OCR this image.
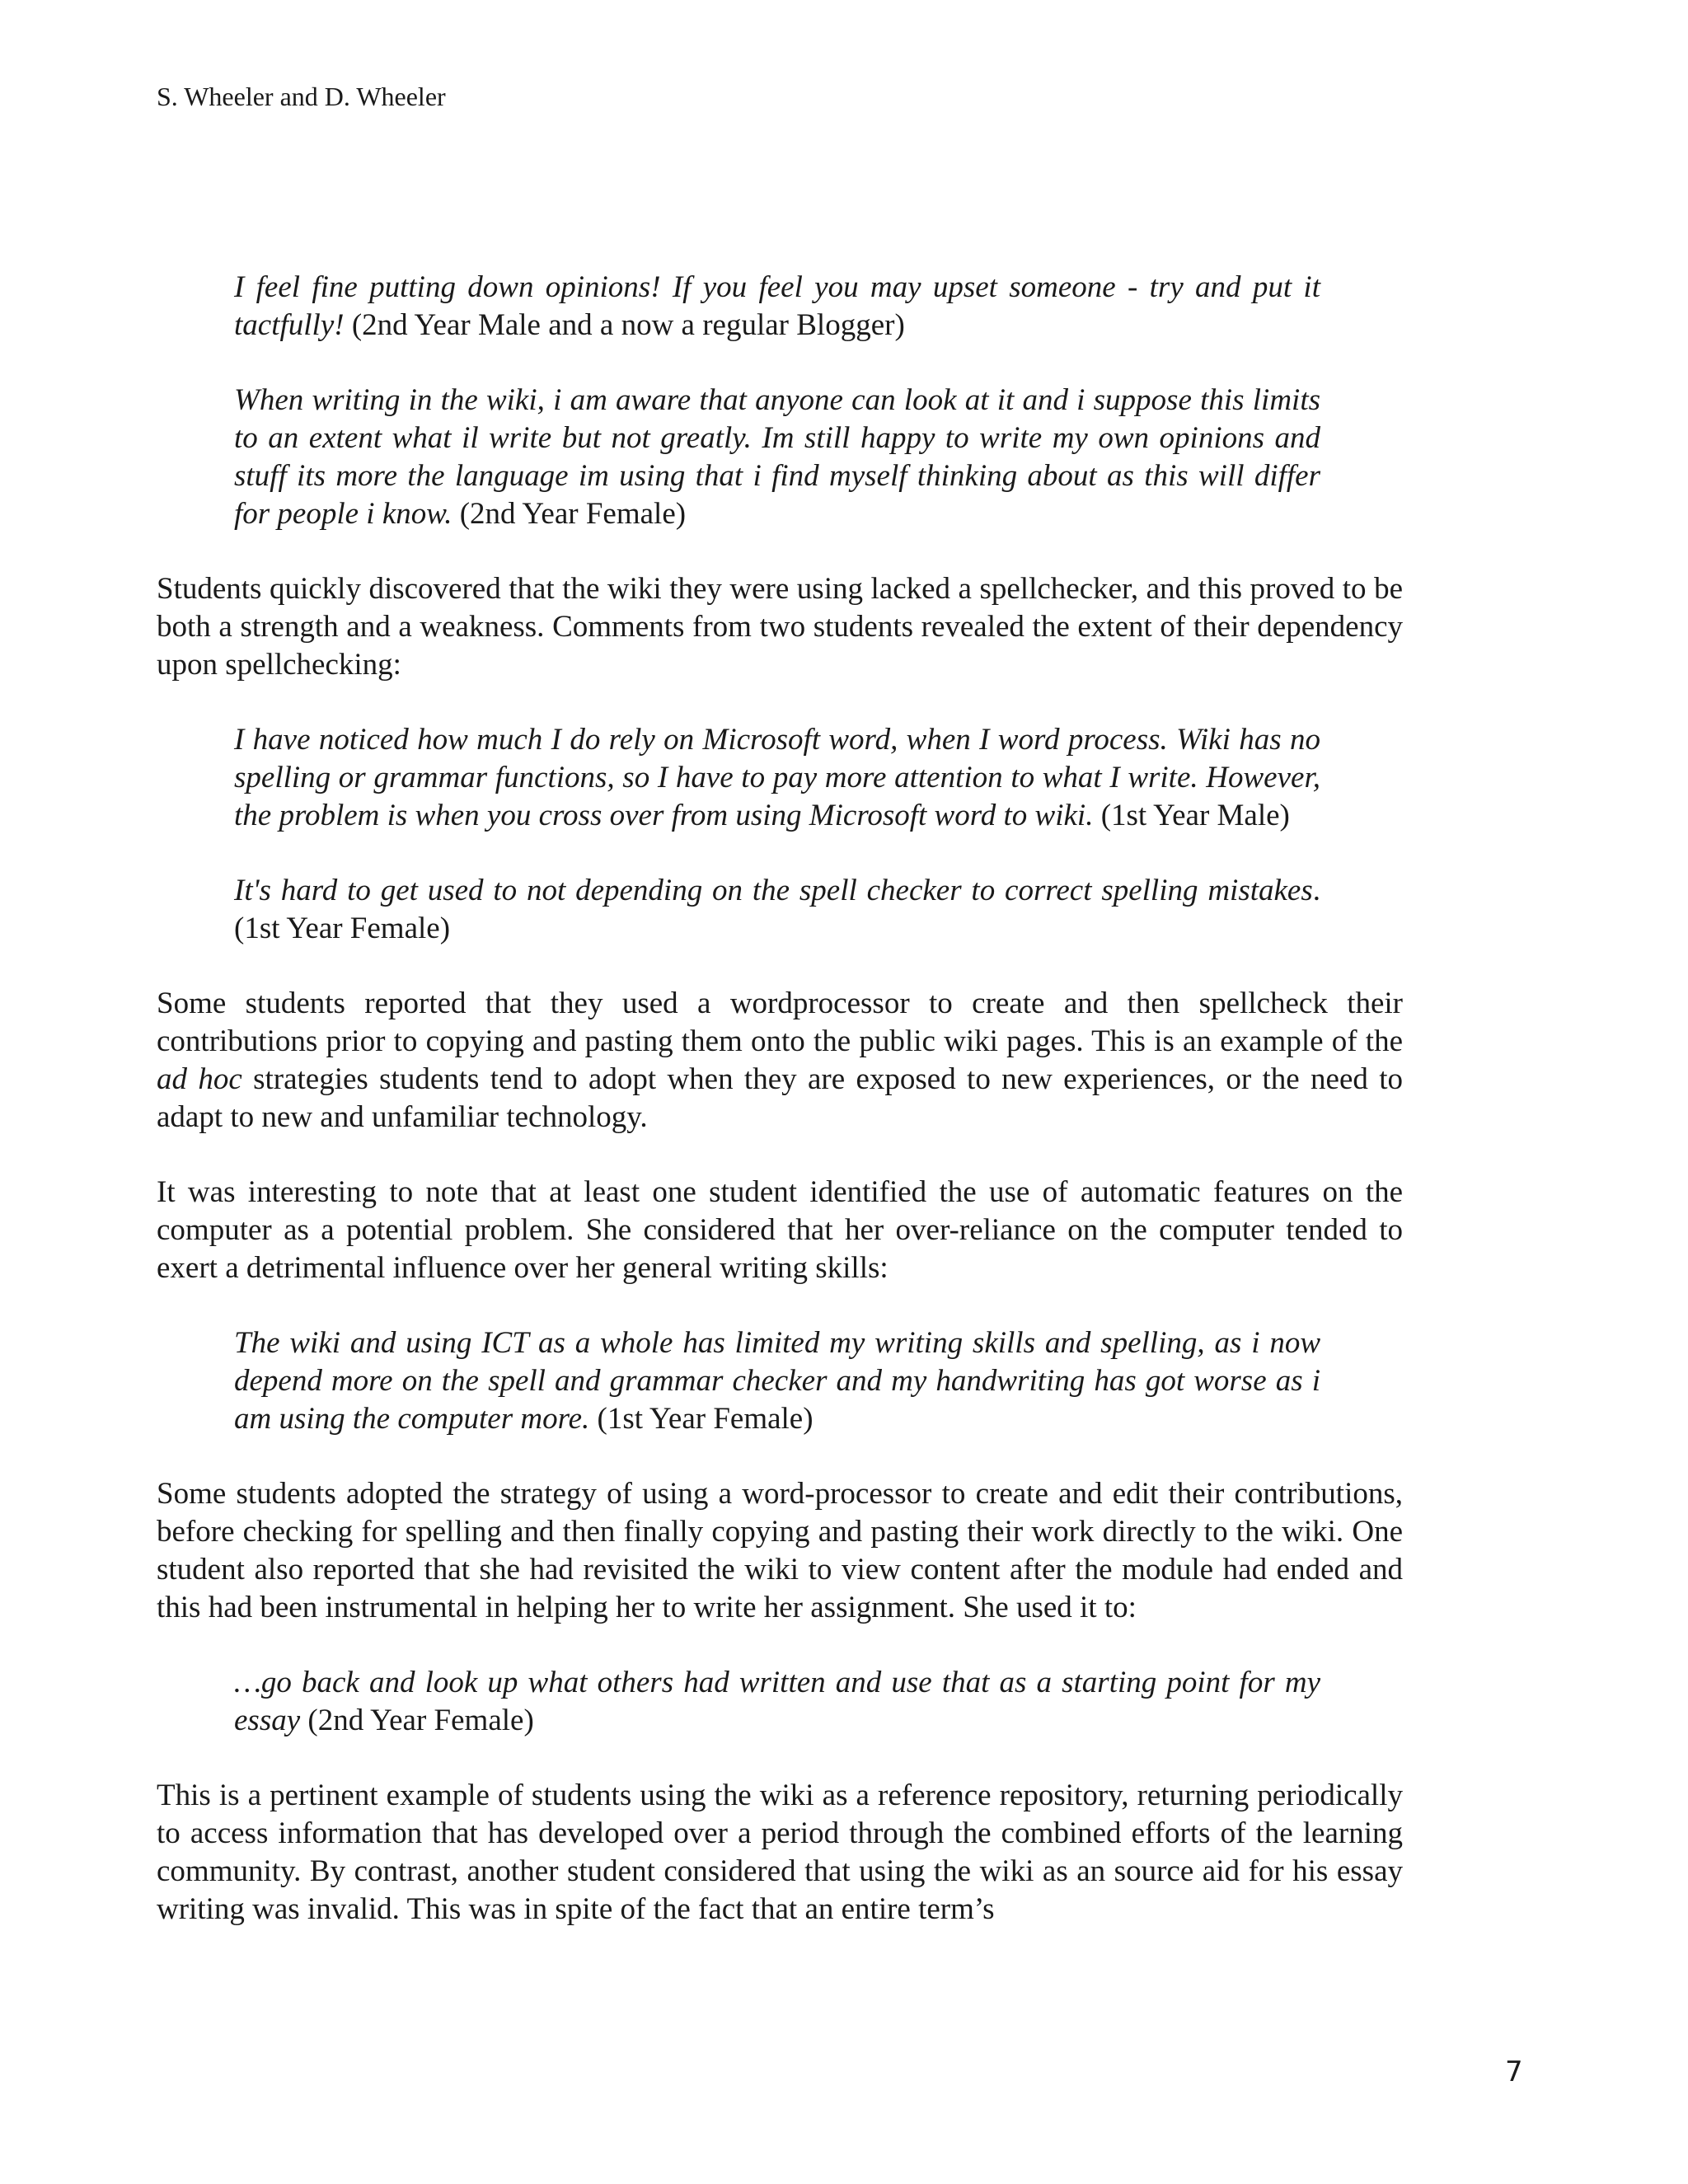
S. Wheeler and D. Wheeler

I feel fine putting down opinions! If you feel you may upset someone - try and put it tactfully! (2nd Year Male and a now a regular Blogger)

When writing in the wiki, i am aware that anyone can look at it and i suppose this limits to an extent what il write but not greatly. Im still happy to write my own opinions and stuff its more the language im using that i find myself thinking about as this will differ for people i know. (2nd Year Female)

Students quickly discovered that the wiki they were using lacked a spellchecker, and this proved to be both a strength and a weakness. Comments from two students revealed the extent of their dependency upon spellchecking:

I have noticed how much I do rely on Microsoft word, when I word process. Wiki has no spelling or grammar functions, so I have to pay more attention to what I write. However, the problem is when you cross over from using Microsoft word to wiki. (1st Year Male)

It's hard to get used to not depending on the spell checker to correct spelling mistakes. (1st Year Female)

Some students reported that they used a wordprocessor to create and then spellcheck their contributions prior to copying and pasting them onto the public wiki pages. This is an example of the ad hoc strategies students tend to adopt when they are exposed to new experiences, or the need to adapt to new and unfamiliar technology.

It was interesting to note that at least one student identified the use of automatic features on the computer as a potential problem. She considered that her over-reliance on the computer tended to exert a detrimental influence over her general writing skills:

The wiki and using ICT as a whole has limited my writing skills and spelling, as i now depend more on the spell and grammar checker and my handwriting has got worse as i am using the computer more. (1st Year Female)

Some students adopted the strategy of using a word-processor to create and edit their contributions, before checking for spelling and then finally copying and pasting their work directly to the wiki. One student also reported that she had revisited the wiki to view content after the module had ended and this had been instrumental in helping her to write her assignment. She used it to:

…go back and look up what others had written and use that as a starting point for my essay (2nd Year Female)

This is a pertinent example of students using the wiki as a reference repository, returning periodically to access information that has developed over a period through the combined efforts of the learning community. By contrast, another student considered that using the wiki as an source aid for his essay writing was invalid. This was in spite of the fact that an entire term’s

7
